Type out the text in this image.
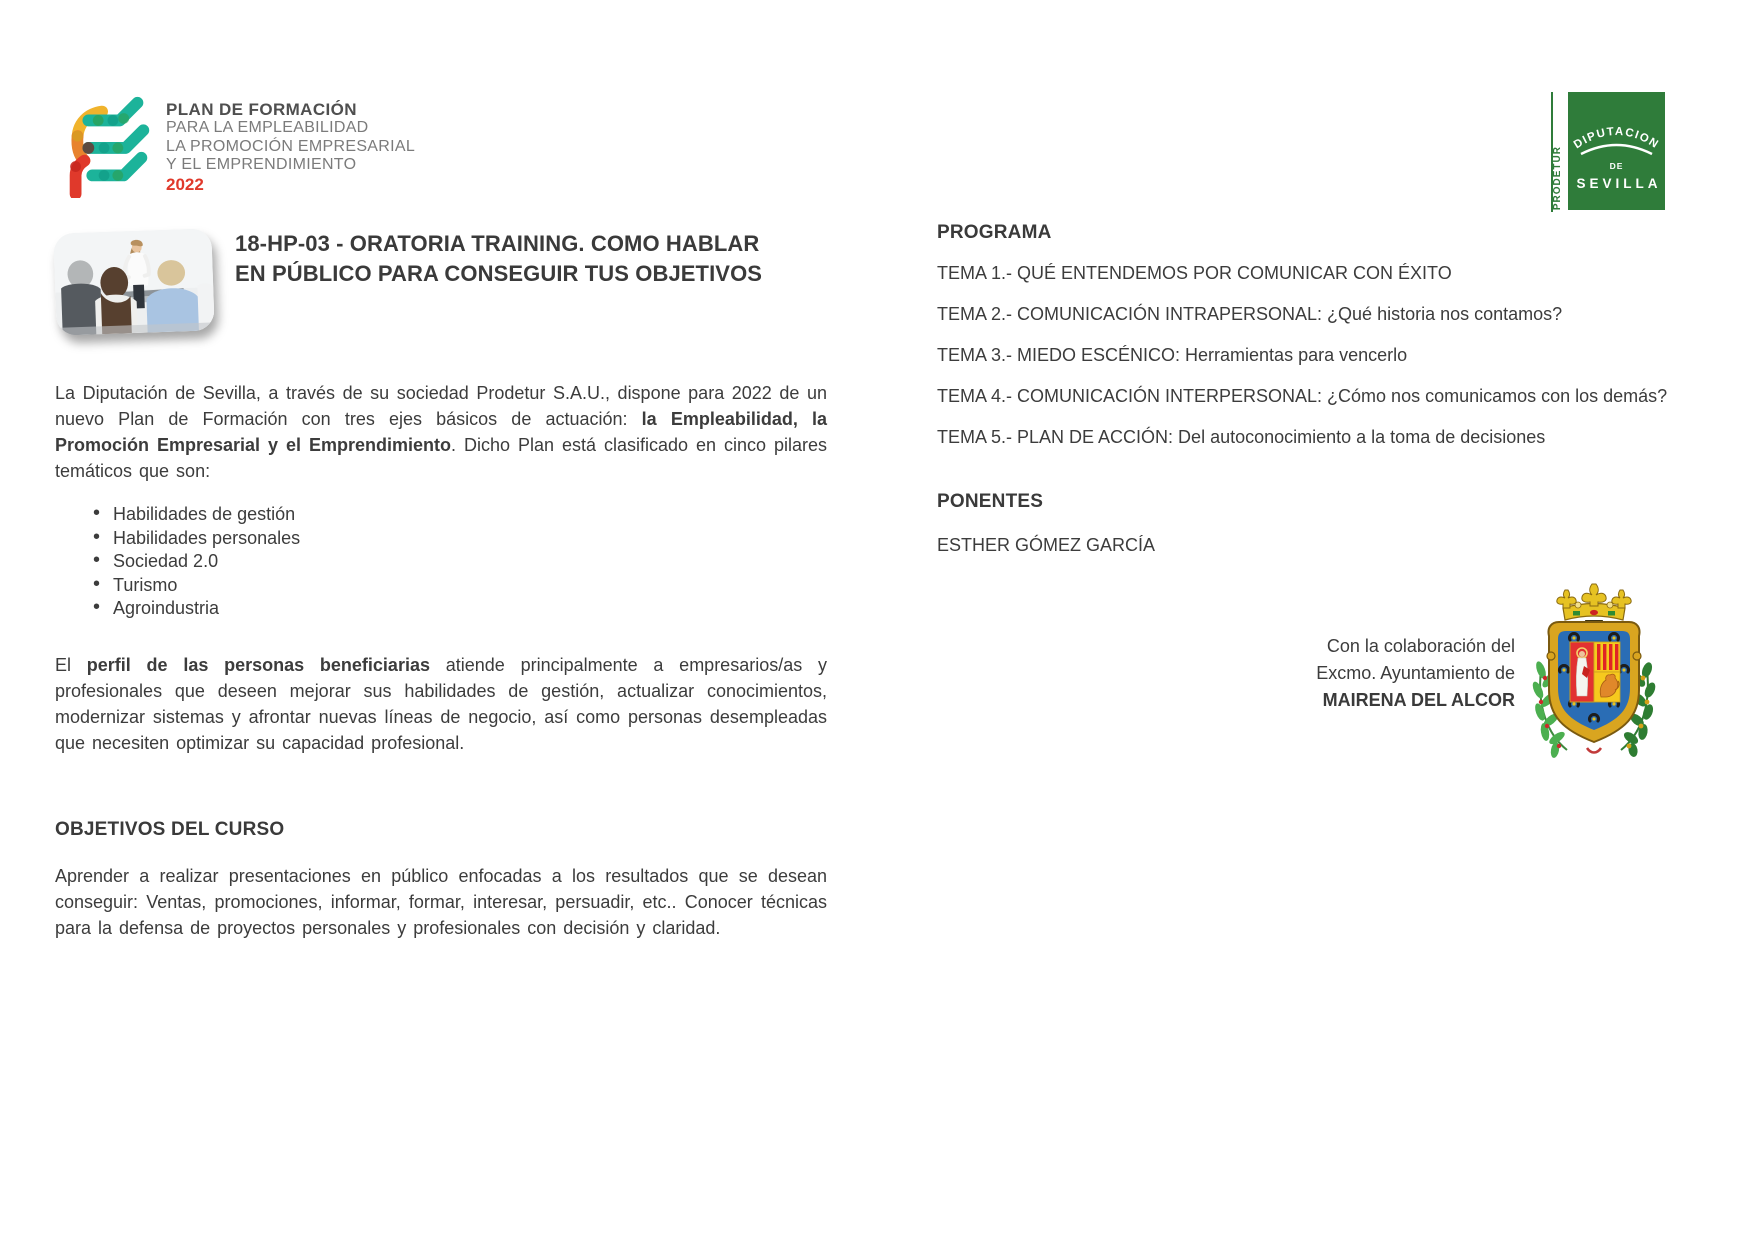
PLAN DE FORMACIÓN
PARA LA EMPLEABILIDAD
LA PROMOCIÓN EMPRESARIAL
Y EL EMPRENDIMIENTO
2022	PRODETUR
DIPUTACION
DE
SEVILLA
18-HP-03 - ORATORIA TRAINING. COMO HABLAR
EN PÚBLICO PARA CONSEGUIR TUS OBJETIVOS

La Diputación de Sevilla, a través de su sociedad Prodetur S.A.U., dispone para 2022 de un nuevo Plan de Formación con tres ejes básicos de actuación: la Empleabilidad, la Promoción Empresarial y el Emprendimiento. Dicho Plan está clasificado en cinco pilares temáticos que son:

• Habilidades de gestión
• Habilidades personales
• Sociedad 2.0
• Turismo
• Agroindustria

El perfil de las personas beneficiarias atiende principalmente a empresarios/as y profesionales que deseen mejorar sus habilidades de gestión, actualizar conocimientos, modernizar sistemas y afrontar nuevas líneas de negocio, así como personas desempleadas que necesiten optimizar su capacidad profesional.

OBJETIVOS DEL CURSO

Aprender a realizar presentaciones en público enfocadas a los resultados que se desean conseguir: Ventas, promociones, informar, formar, interesar, persuadir, etc.. Conocer técnicas para la defensa de proyectos personales y profesionales con decisión y claridad.

PROGRAMA
TEMA 1.- QUÉ ENTENDEMOS POR COMUNICAR CON ÉXITO
TEMA 2.- COMUNICACIÓN INTRAPERSONAL: ¿Qué historia nos contamos?
TEMA 3.- MIEDO ESCÉNICO: Herramientas para vencerlo
TEMA 4.- COMUNICACIÓN INTERPERSONAL: ¿Cómo nos comunicamos con los demás?
TEMA 5.- PLAN DE ACCIÓN: Del autoconocimiento a la toma de decisiones
PONENTES
ESTHER GÓMEZ GARCÍA
Con la colaboración del
Excmo. Ayuntamiento de
MAIRENA DEL ALCOR
